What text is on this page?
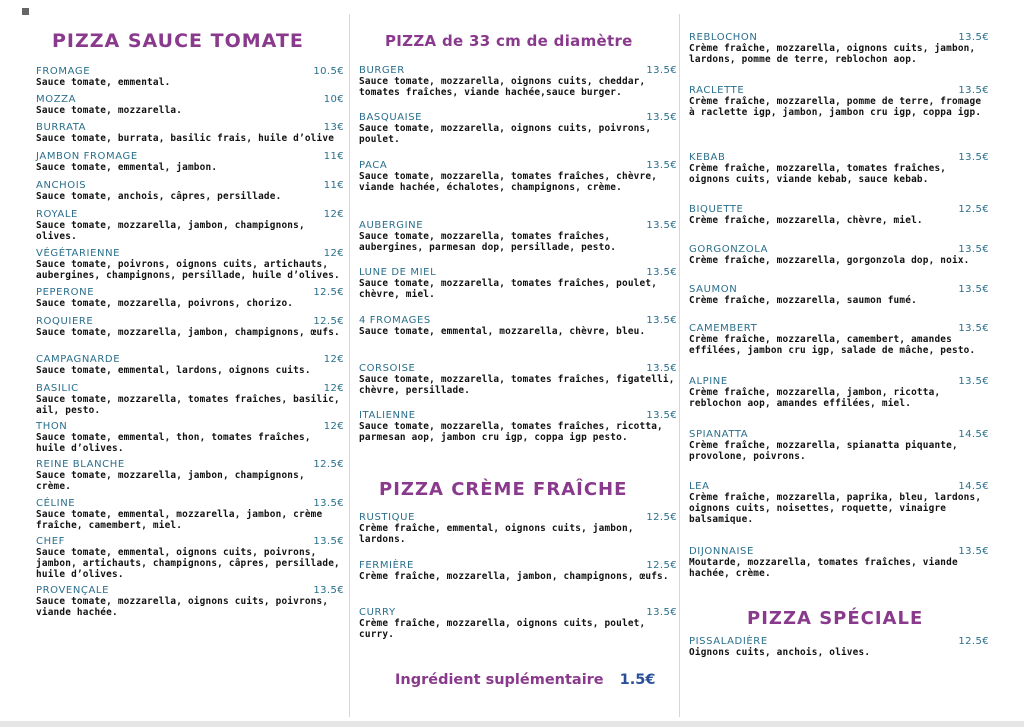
PIZZA SAUCE TOMATE
FROMAGE	10.5€
Sauce tomate, emmental.
MOZZA	10€
Sauce tomate, mozzarella.
BURRATA	13€
Sauce tomate, burrata, basilic frais, huile d’olive
JAMBON FROMAGE	11€
Sauce tomate, emmental, jambon.
ANCHOIS	11€
Sauce tomate, anchois, câpres, persillade.
ROYALE	12€
Sauce tomate, mozzarella, jambon, champignons, olives.
VÉGÉTARIENNE	12€
Sauce tomate, poivrons, oignons cuits, artichauts, aubergines, champignons, persillade, huile d’olives.
PEPERONE	12.5€
Sauce tomate, mozzarella, poivrons, chorizo.
ROQUIERE	12.5€
Sauce tomate, mozzarella, jambon, champignons, œufs.
CAMPAGNARDE	12€
Sauce tomate, emmental, lardons, oignons cuits.
BASILIC	12€
Sauce tomate, mozzarella, tomates fraîches, basilic, ail, pesto.
THON	12€
Sauce tomate, emmental, thon, tomates fraîches, huile d’olives.
REINE BLANCHE	12.5€
Sauce tomate, mozzarella, jambon, champignons, crème.
CÉLINE	13.5€
Sauce tomate, emmental, mozzarella, jambon, crème fraîche, camembert, miel.
CHEF	13.5€
Sauce tomate, emmental, oignons cuits, poivrons, jambon, artichauts, champignons, câpres, persillade, huile d’olives.
PROVENÇALE	13.5€
Sauce tomate, mozzarella, oignons cuits, poivrons, viande hachée.
PIZZA de 33 cm de diamètre
BURGER	13.5€
Sauce tomate, mozzarella, oignons cuits, cheddar, tomates fraîches, viande hachée,sauce burger.
BASQUAISE	13.5€
Sauce tomate, mozzarella, oignons cuits, poivrons, poulet.
PACA	13.5€
Sauce tomate, mozzarella, tomates fraîches, chèvre, viande hachée, échalotes, champignons, crème.
AUBERGINE	13.5€
Sauce tomate, mozzarella, tomates fraîches, aubergines, parmesan dop, persillade, pesto.
LUNE DE MIEL	13.5€
Sauce tomate, mozzarella, tomates fraîches, poulet, chèvre, miel.
4 FROMAGES	13.5€
Sauce tomate, emmental, mozzarella, chèvre, bleu.
CORSOISE	13.5€
Sauce tomate, mozzarella, tomates fraîches, figatelli, chèvre, persillade.
ITALIENNE	13.5€
Sauce tomate, mozzarella, tomates fraîches, ricotta, parmesan aop, jambon cru igp, coppa igp pesto.
PIZZA CRÈME FRAÎCHE
RUSTIQUE	12.5€
Crème fraîche, emmental, oignons cuits, jambon, lardons.
FERMIÈRE	12.5€
Crème fraîche, mozzarella, jambon, champignons, œufs.
CURRY	13.5€
Crème fraîche, mozzarella, oignons cuits, poulet, curry.
Ingrédient suplémentaire 1.5€
REBLOCHON	13.5€
Crème fraîche, mozzarella, oignons cuits, jambon, lardons, pomme de terre, reblochon aop.
RACLETTE	13.5€
Crème fraîche, mozzarella, pomme de terre, fromage à raclette igp, jambon, jambon cru igp, coppa igp.
KEBAB	13.5€
Crème fraîche, mozzarella, tomates fraîches, oignons cuits, viande kebab, sauce kebab.
BIQUETTE	12.5€
Crème fraîche, mozzarella, chèvre, miel.
GORGONZOLA	13.5€
Crème fraîche, mozzarella, gorgonzola dop, noix.
SAUMON	13.5€
Crème fraîche, mozzarella, saumon fumé.
CAMEMBERT	13.5€
Crème fraîche, mozzarella, camembert, amandes effilées, jambon cru igp, salade de mâche, pesto.
ALPINE	13.5€
Crème fraîche, mozzarella, jambon, ricotta, reblochon aop, amandes effilées, miel.
SPIANATTA	14.5€
Crème fraîche, mozzarella, spianatta piquante, provolone, poivrons.
LEA	14.5€
Crème fraîche, mozzarella, paprika, bleu, lardons, oignons cuits, noisettes, roquette, vinaigre balsamique.
DIJONNAISE	13.5€
Moutarde, mozzarella, tomates fraîches, viande hachée, crème.
PIZZA SPÉCIALE
PISSALADIÈRE	12.5€
Oignons cuits, anchois, olives.
